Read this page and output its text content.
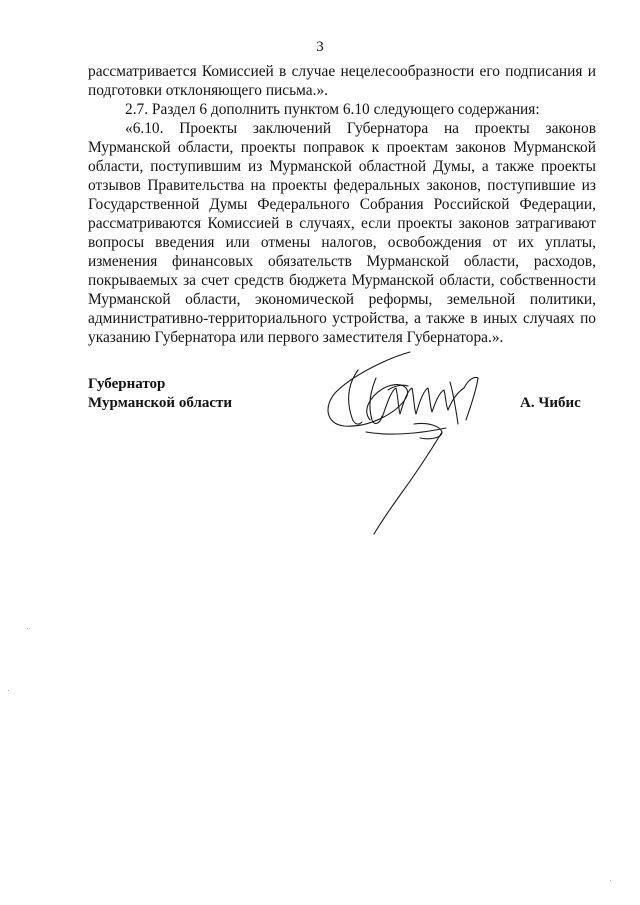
3

рассматривается Комиссией в случае нецелесообразности его подписания и подготовки отклоняющего письма.».

2.7. Раздел 6 дополнить пунктом 6.10 следующего содержания:

«6.10. Проекты заключений Губернатора на проекты законов Мурманской области, проекты поправок к проектам законов Мурманской области, поступившим из Мурманской областной Думы, а также проекты отзывов Правительства на проекты федеральных законов, поступившие из Государственной Думы Федерального Собрания Российской Федерации, рассматриваются Комиссией в случаях, если проекты законов затрагивают вопросы введения или отмены налогов, освобождения от их уплаты, изменения финансовых обязательств Мурманской области, расходов, покрываемых за счет средств бюджета Мурманской области, собственности Мурманской области, экономической реформы, земельной политики, административно-территориального устройства, а также в иных случаях по указанию Губернатора или первого заместителя Губернатора.».

Губернатор
Мурманской области	А. Чибис
